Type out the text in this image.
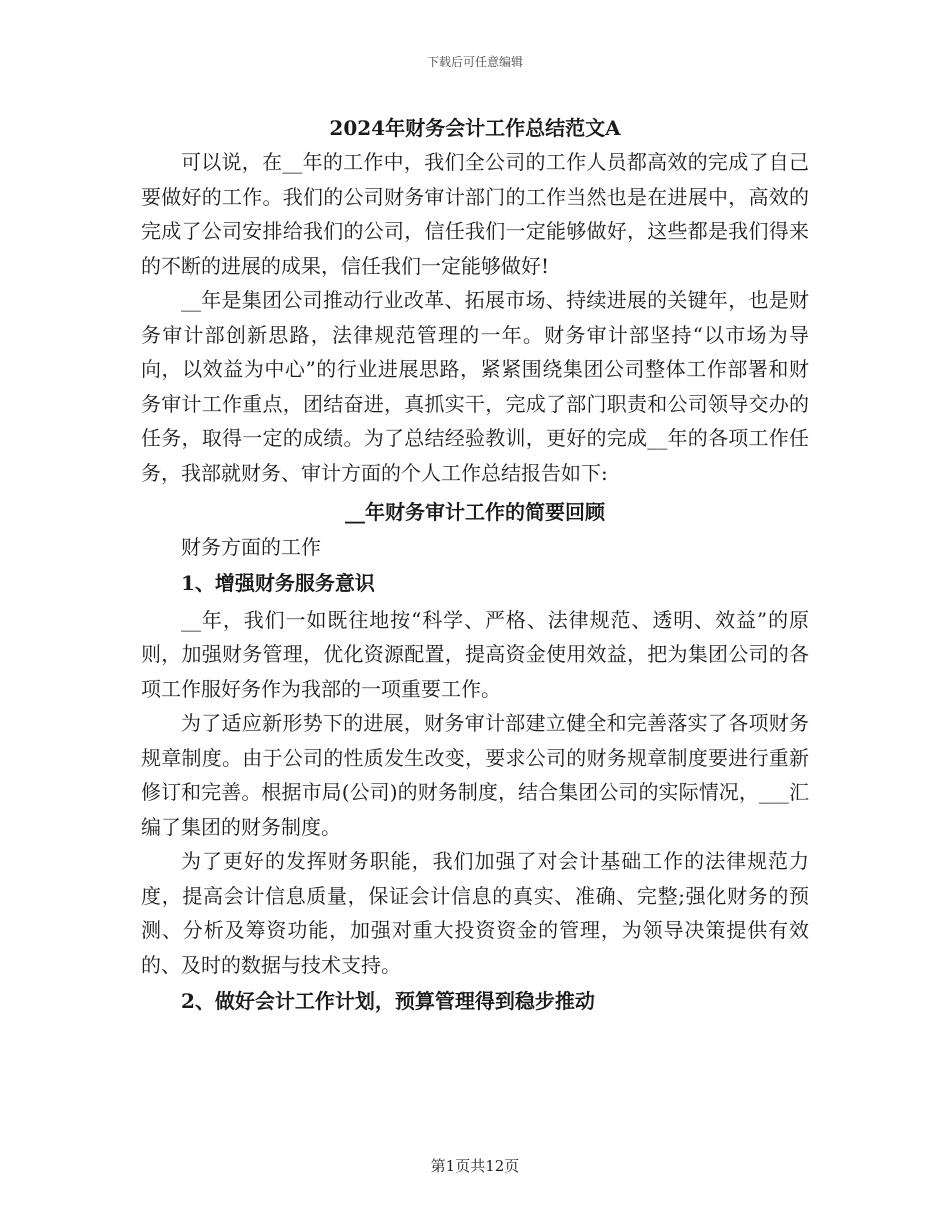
下载后可任意编辑
2024年财务会计工作总结范文A

可以说，在__年的工作中，我们全公司的工作人员都高效的完成了自己要做好的工作。我们的公司财务审计部门的工作当然也是在进展中，高效的完成了公司安排给我们的公司，信任我们一定能够做好，这些都是我们得来的不断的进展的成果，信任我们一定能够做好!

__年是集团公司推动行业改革、拓展市场、持续进展的关键年，也是财务审计部创新思路，法律规范管理的一年。财务审计部坚持“以市场为导向，以效益为中心”的行业进展思路，紧紧围绕集团公司整体工作部署和财务审计工作重点，团结奋进，真抓实干，完成了部门职责和公司领导交办的任务，取得一定的成绩。为了总结经验教训，更好的完成__年的各项工作任务，我部就财务、审计方面的个人工作总结报告如下:

__年财务审计工作的简要回顾

财务方面的工作

1、增强财务服务意识

__年，我们一如既往地按“科学、严格、法律规范、透明、效益”的原则，加强财务管理，优化资源配置，提高资金使用效益，把为集团公司的各项工作服好务作为我部的一项重要工作。

为了适应新形势下的进展，财务审计部建立健全和完善落实了各项财务规章制度。由于公司的性质发生改变，要求公司的财务规章制度要进行重新修订和完善。根据市局(公司)的财务制度，结合集团公司的实际情况，___汇编了集团的财务制度。

为了更好的发挥财务职能，我们加强了对会计基础工作的法律规范力度，提高会计信息质量，保证会计信息的真实、准确、完整;强化财务的预测、分析及筹资功能，加强对重大投资资金的管理，为领导决策提供有效的、及时的数据与技术支持。

2、做好会计工作计划，预算管理得到稳步推动
第1页共12页
